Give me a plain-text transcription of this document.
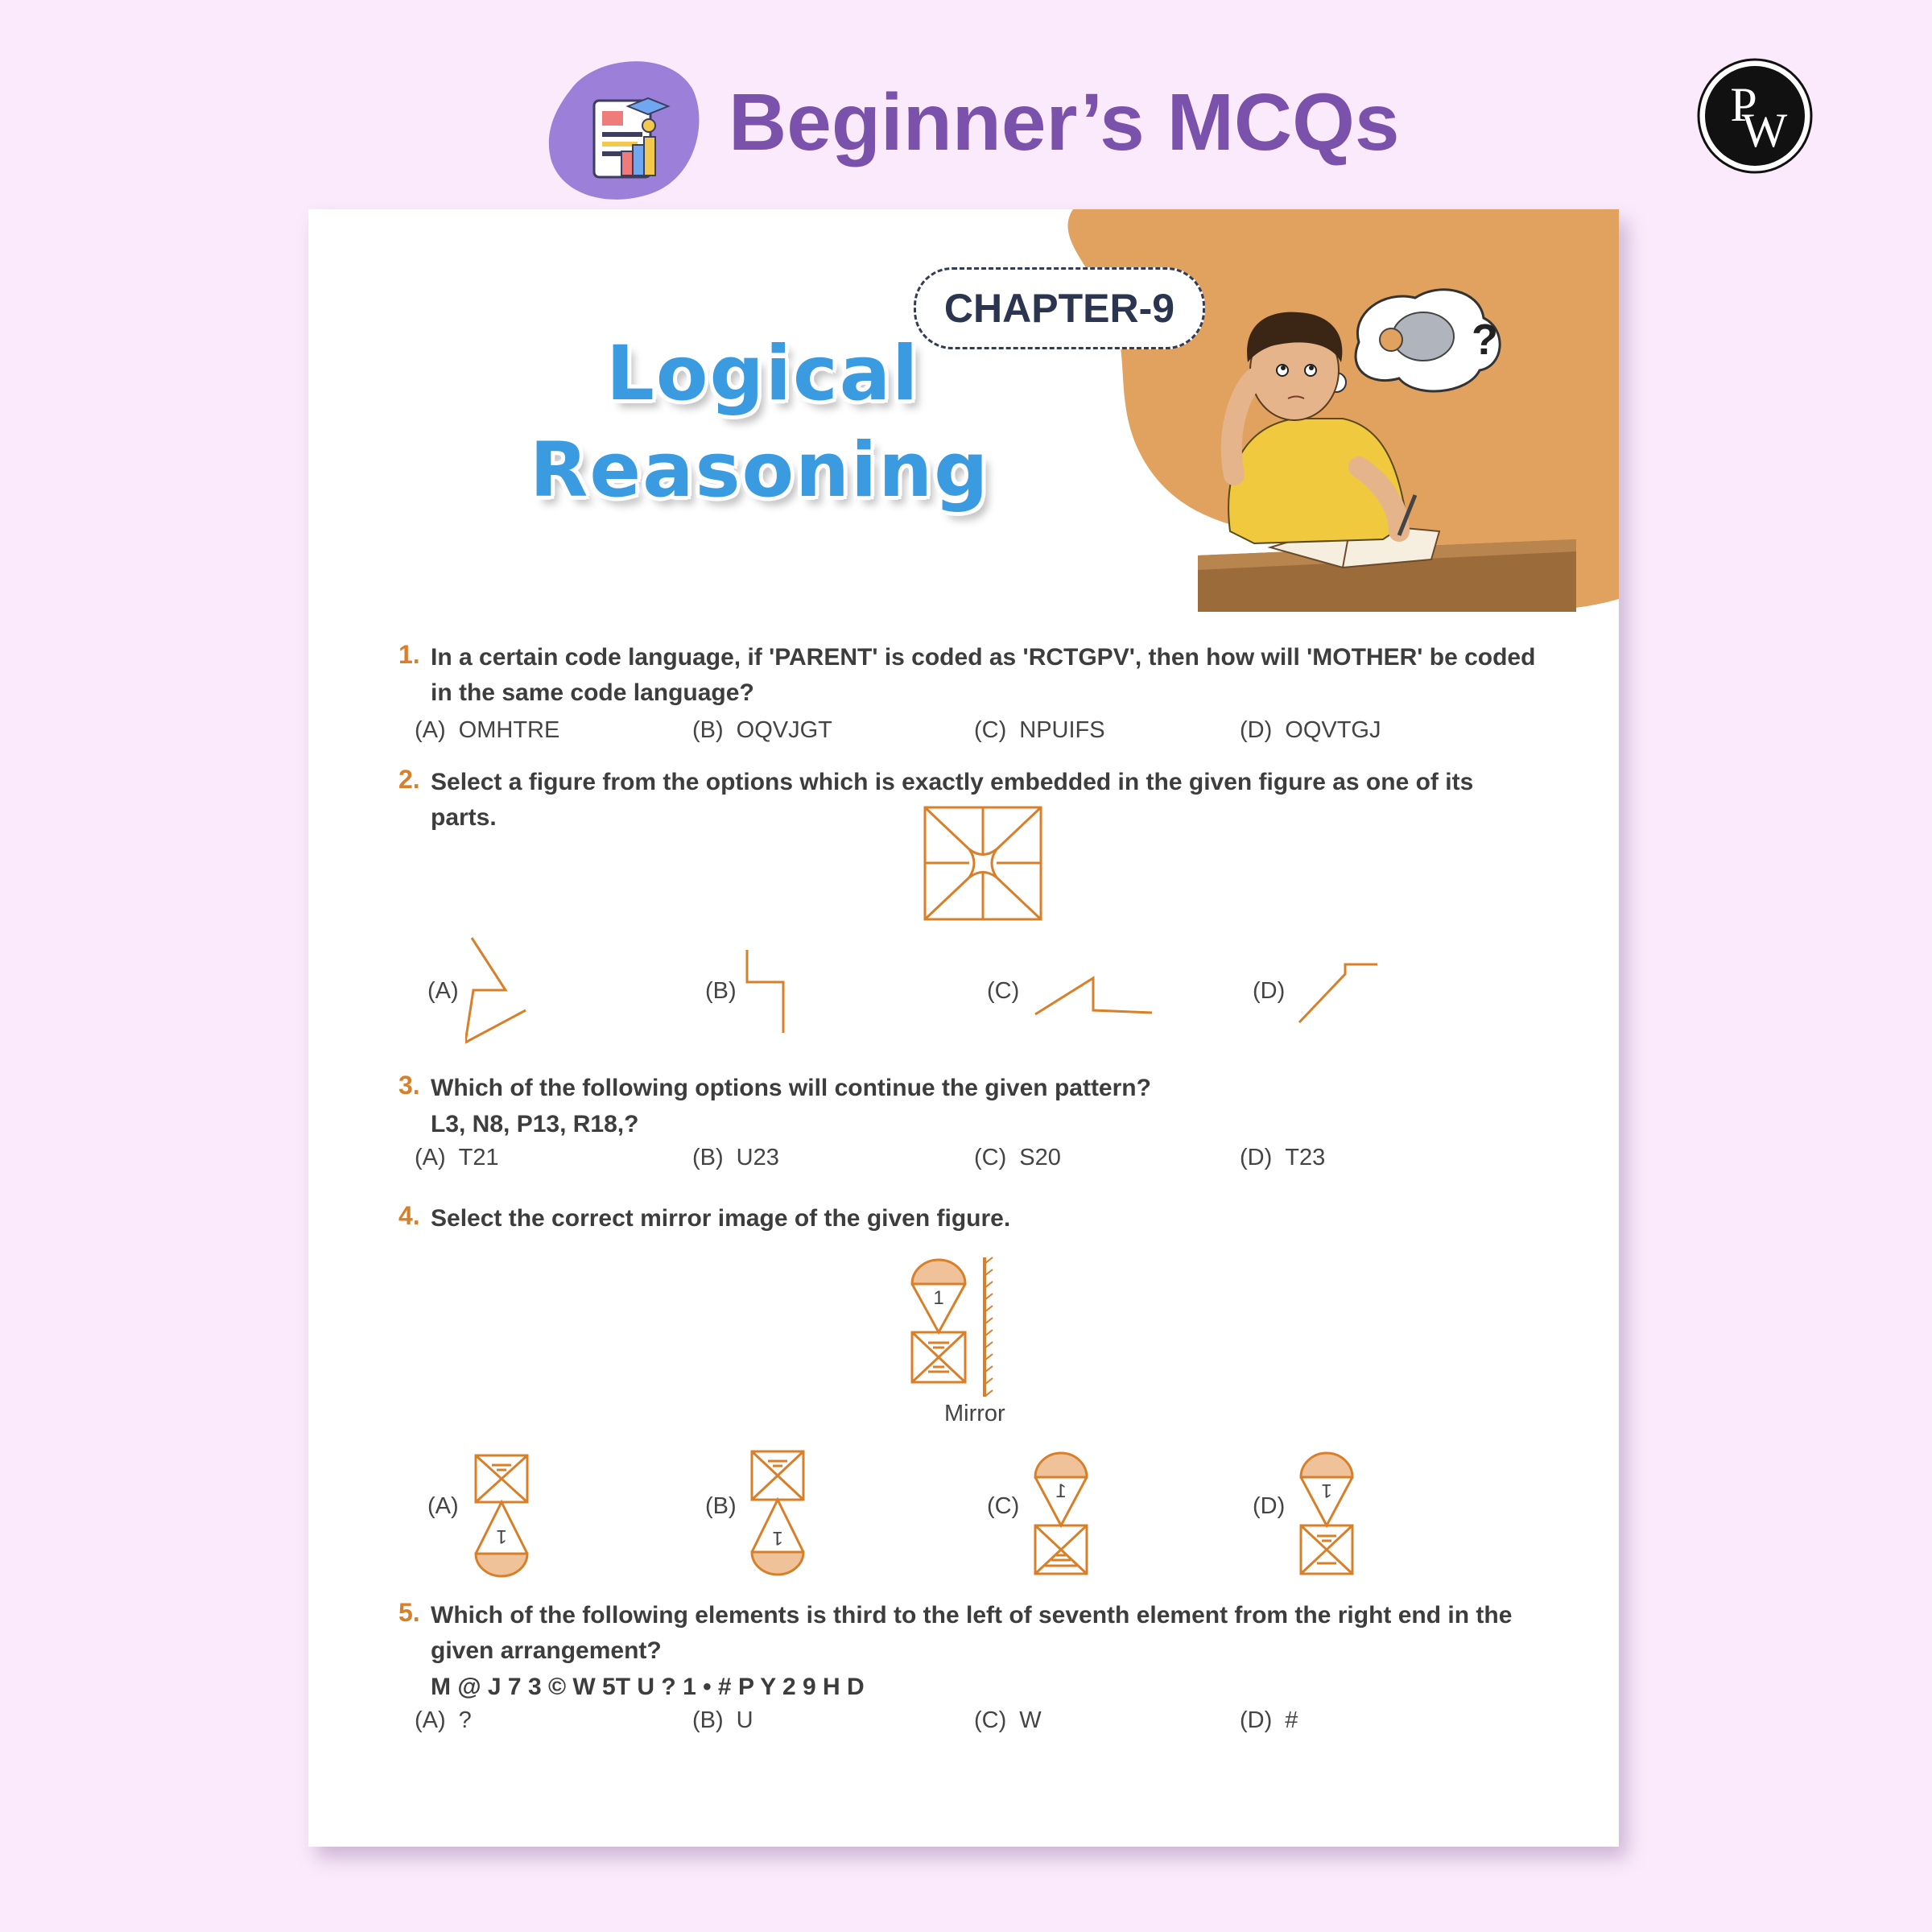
Beginner’s MCQs	P
W
CHAPTER-9
Logical
Reasoning
?
1. In a certain code language, if 'PARENT' is coded as 'RCTGPV', then how will 'MOTHER' be coded in the same code language?
(A) OMHTRE	(B) OQVJGT	(C) NPUIFS	(D) OQVTGJ
2. Select a figure from the options which is exactly embedded in the given figure as one of its parts.
(A)	(B)	(C)	(D)
3. Which of the following options will continue the given pattern?
L3, N8, P13, R18,?
(A) T21	(B) U23	(C) S20	(D) T23
4. Select the correct mirror image of the given figure.
1
Mirror
(A)
1
(B)
1
(C)
1
(D)
1
5. Which of the following elements is third to the left of seventh element from the right end in the given arrangement?
M @ J 7 3 © W 5T U ? 1 • # P Y 2 9 H D
(A) ?	(B) U	(C) W	(D) #
